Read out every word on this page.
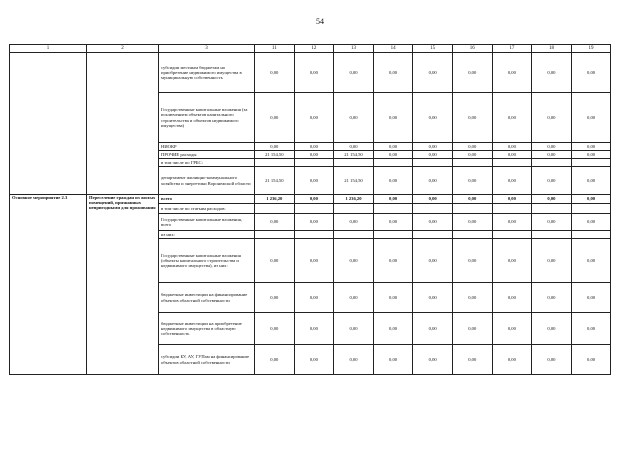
54
1	2	3	11	12	13	14	15	16	17	18	19
		субсидии местным бюджетам на приобретение недвижимого имущества в муниципальную собственность	0,00	0,00	0,00	0,00	0,00	0,00	0,00	0,00	0,00
		Государственные капитальные вложения (за исключением объектов капитального строительства и объектов недвижимого имущества)	0,00	0,00	0,00	0,00	0,00	0,00	0,00	0,00	0,00
		НИОКР	0,00	0,00	0,00	0,00	0,00	0,00	0,00	0,00	0,00
		ПРОЧИЕ расходы	21 154,50	0,00	21 154,50	0,00	0,00	0,00	0,00	0,00	0,00
		в том числе по ГРБС:									
		департамент жилищно-коммунального хозяйства и энергетики Воронежской области	21 154,50	0,00	21 154,50	0,00	0,00	0,00	0,00	0,00	0,00
Основное мероприятие 2.3	Переселение граждан из жилых помещений, признанных непригодными для проживания	всего	1 236,20	0,00	1 236,20	0,00	0,00	0,00	0,00	0,00	0,00
		в том числе по статьям расходов:									
		Государственные капитальные вложения, всего	0,00	0,00	0,00	0,00	0,00	0,00	0,00	0,00	0,00
		из них:									
		Государственные капитальные вложения (объекты капитального строительства и недвижимого имущества), из них:	0,00	0,00	0,00	0,00	0,00	0,00	0,00	0,00	0,00
		бюджетные инвестиции на финансирование объектов областной собственности	0,00	0,00	0,00	0,00	0,00	0,00	0,00	0,00	0,00
		бюджетные инвестиции на приобретение недвижимого имущества в областную собственность	0,00	0,00	0,00	0,00	0,00	0,00	0,00	0,00	0,00
		субсидии БУ, АУ, ГУПам на финансирование объектов областной собственности	0,00	0,00	0,00	0,00	0,00	0,00	0,00	0,00	0,00
